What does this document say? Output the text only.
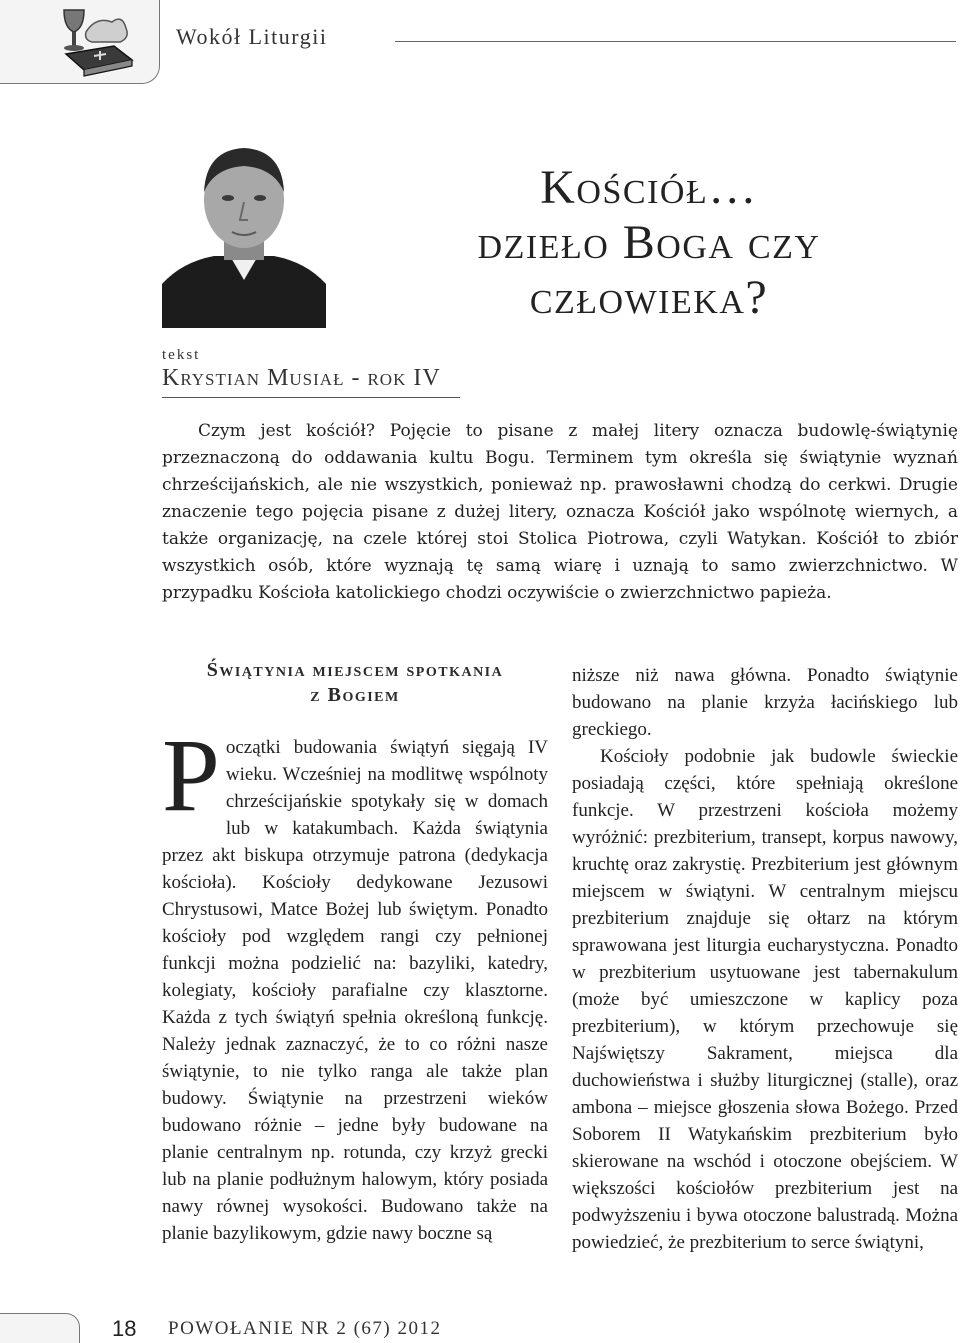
Wokół Liturgii
Kościół…
dzieło Boga czy
człowieka?
tekst
Krystian Musiał - rok IV

Czym jest kościół? Pojęcie to pisane z małej litery oznacza budowlę-świątynię przeznaczoną do oddawania kultu Bogu. Terminem tym określa się świątynie wyznań chrześcijańskich, ale nie wszystkich, ponieważ np. prawosławni chodzą do cerkwi. Drugie znaczenie tego pojęcia pisane z dużej litery, oznacza Kościół jako wspólnotę wiernych, a także organizację, na czele której stoi Stolica Piotrowa, czyli Watykan. Kościół to zbiór wszystkich osób, które wyznają tę samą wiarę i uznają to samo zwierzchnictwo. W przypadku Kościoła katolickiego chodzi oczywiście o zwierzchnictwo papieża.

Świątynia miejscem spotkania
z Bogiem

Początki budowania świątyń sięgają IV wieku. Wcześniej na modlitwę wspólnoty chrześcijańskie spotykały się w domach lub w katakumbach. Każda świątynia przez akt biskupa otrzymuje patrona (dedykacja kościoła). Kościoły dedykowane Jezusowi Chrystusowi, Matce Bożej lub świętym. Ponadto kościoły pod względem rangi czy pełnionej funkcji można podzielić na: bazyliki, katedry, kolegiaty, kościoły parafialne czy klasztorne. Każda z tych świątyń spełnia określoną funkcję. Należy jednak zaznaczyć, że to co różni nasze świątynie, to nie tylko ranga ale także plan budowy. Świątynie na przestrzeni wieków budowano różnie – jedne były budowane na planie centralnym np. rotunda, czy krzyż grecki lub na planie podłużnym halowym, który posiada nawy równej wysokości. Budowano także na planie bazylikowym, gdzie nawy boczne są

niższe niż nawa główna. Ponadto świątynie budowano na planie krzyża łacińskiego lub greckiego.

Kościoły podobnie jak budowle świeckie posiadają części, które spełniają określone funkcje. W przestrzeni kościoła możemy wyróżnić: prezbiterium, transept, korpus nawowy, kruchtę oraz zakrystię. Prezbiterium jest głównym miejscem w świątyni. W centralnym miejscu prezbiterium znajduje się ołtarz na którym sprawowana jest liturgia eucharystyczna. Ponadto w prezbiterium usytuowane jest tabernakulum (może być umieszczone w kaplicy poza prezbiterium), w którym przechowuje się Najświętszy Sakrament, miejsca dla duchowieństwa i służby liturgicznej (stalle), oraz ambona – miejsce głoszenia słowa Bożego. Przed Soborem II Watykańskim prezbiterium było skierowane na wschód i otoczone obejściem. W większości kościołów prezbiterium jest na podwyższeniu i bywa otoczone balustradą. Można powiedzieć, że prezbiterium to serce świątyni,

18 POWOŁANIE NR 2 (67) 2012
